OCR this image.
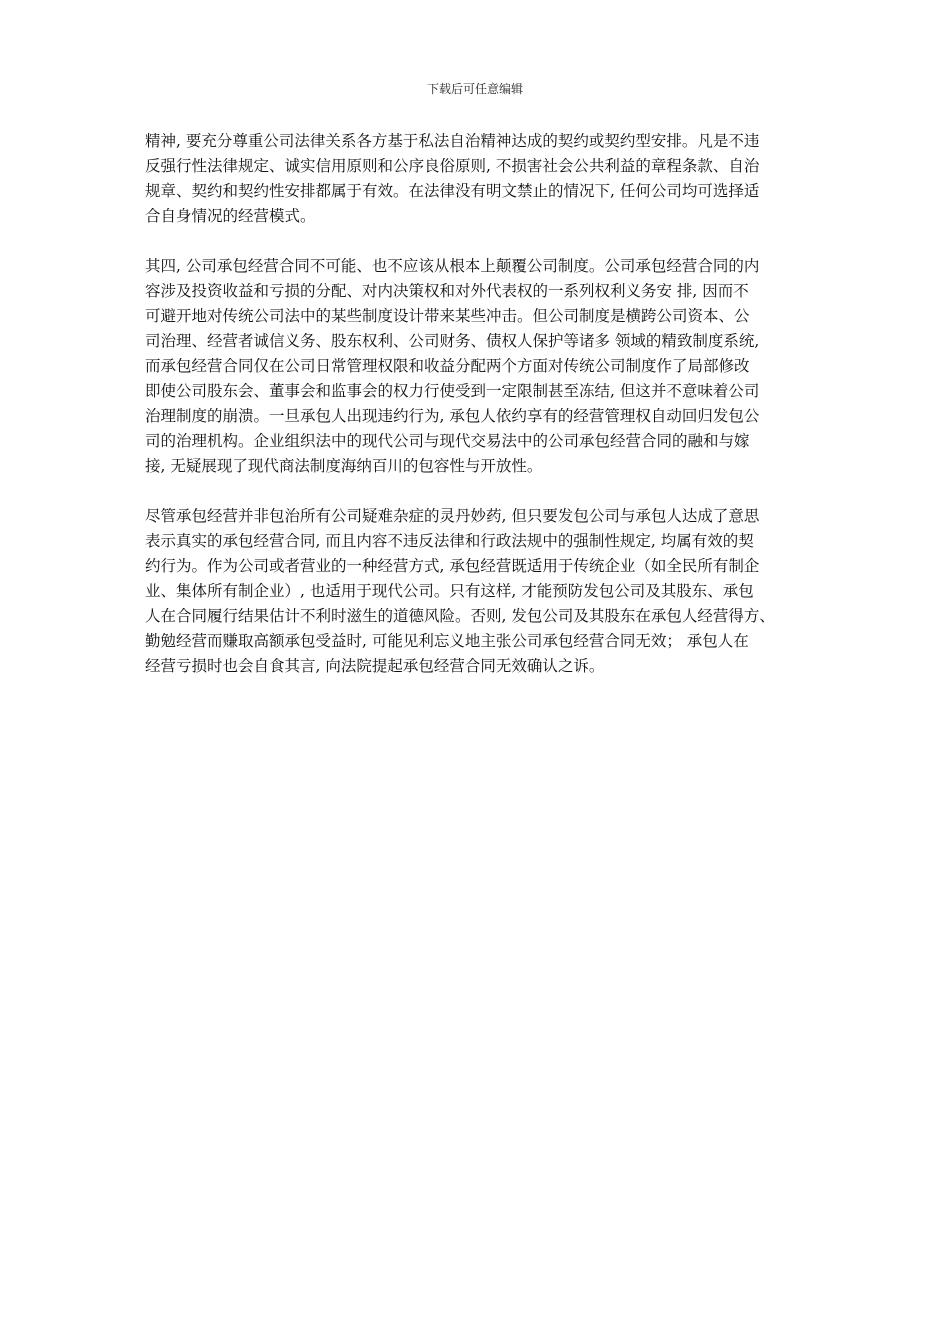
下载后可任意编辑
精神, 要充分尊重公司法律关系各方基于私法自治精神达成的契约或契约型安排。凡是不违
反强行性法律规定、诚实信用原则和公序良俗原则, 不损害社会公共利益的章程条款、自治
规章、契约和契约性安排都属于有效。在法律没有明文禁止的情况下, 任何公司均可选择适
合自身情况的经营模式。
其四, 公司承包经营合同不可能、也不应该从根本上颠覆公司制度。公司承包经营合同的内
容涉及投资收益和亏损的分配、对内决策权和对外代表权的一系列权利义务安 排, 因而不
可避开地对传统公司法中的某些制度设计带来某些冲击。但公司制度是横跨公司资本、公
司治理、经营者诚信义务、股东权利、公司财务、债权人保护等诸多 领域的精致制度系统,
而承包经营合同仅在公司日常管理权限和收益分配两个方面对传统公司制度作了局部修改
即使公司股东会、董事会和监事会的权力行使受到一定限制甚至冻结, 但这并不意味着公司
治理制度的崩溃。一旦承包人出现违约行为, 承包人依约享有的经营管理权自动回归发包公
司的治理机构。企业组织法中的现代公司与现代交易法中的公司承包经营合同的融和与嫁
接, 无疑展现了现代商法制度海纳百川的包容性与开放性。
尽管承包经营并非包治所有公司疑难杂症的灵丹妙药, 但只要发包公司与承包人达成了意思
表示真实的承包经营合同, 而且内容不违反法律和行政法规中的强制性规定, 均属有效的契
约行为。作为公司或者营业的一种经营方式, 承包经营既适用于传统企业（如全民所有制企
业、集体所有制企业）, 也适用于现代公司。只有这样, 才能预防发包公司及其股东、承包
人在合同履行结果估计不利时滋生的道德风险。否则, 发包公司及其股东在承包人经营得方、
勤勉经营而赚取高额承包受益时, 可能见利忘义地主张公司承包经营合同无效； 承包人在
经营亏损时也会自食其言, 向法院提起承包经营合同无效确认之诉。
